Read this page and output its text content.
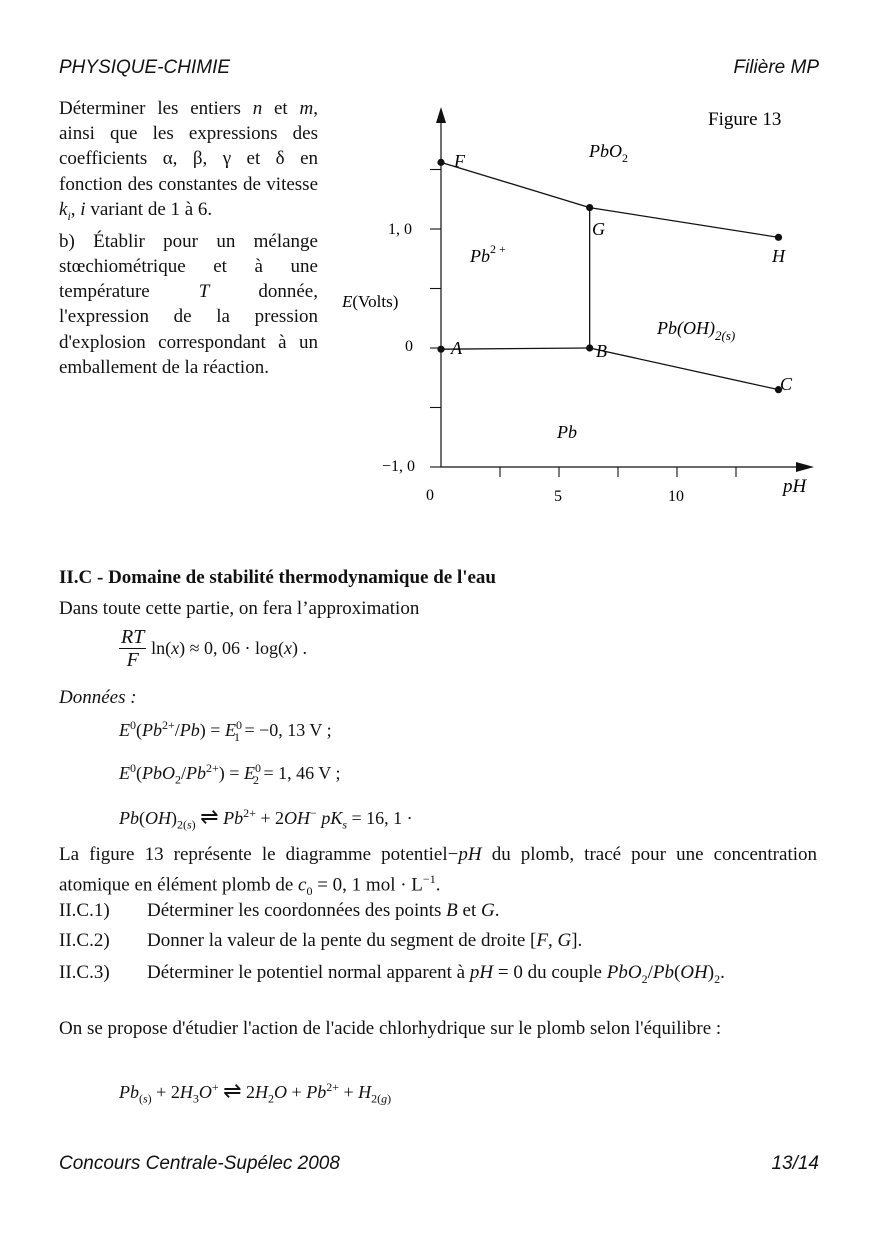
PHYSIQUE-CHIMIE	Filière MP

Déterminer les entiers n et m, ainsi que les expressions des coefficients α, β, γ et δ en fonction des constantes de vitesse $k_i$, i variant de 1 à 6.

b) Établir pour un mélange stœchiométrique et à une température T donnée, l'expression de la pression d'explosion correspondant à un emballement de la réaction.

Figure 13
E(Volts)
pH
1, 0
0
−1, 0
0	5	10
F
G
H
A	B
C
PbO$_2$
$Pb^{2 +}$
$Pb(OH)_{2(s)}$
Pb
II.C - Domaine de stabilité thermodynamique de l'eau
Dans toute cette partie, on fera l’approximation
$\frac{RT}{F} \ln(x) \approx 0$, 06 · log(x) .
Données :
$E^0(Pb^{2+}/Pb) = E^0_1 = -0$, 13 V ;
$E^0(PbO_2/Pb^{2+}) = E^0_2 = 1$, 46 V ;
$Pb(OH)_{2(s)}$ ⇌ $Pb^{2+} + 2OH^-$ $pK_s = 16$, 1 ·
La figure 13 représente le diagramme potentiel−pH du plomb, tracé pour une concentration atomique en élément plomb de $c_0 = 0$, 1 mol · $L^{-1}$.
II.C.1) Déterminer les coordonnées des points B et G.
II.C.2) Donner la valeur de la pente du segment de droite [F, G].
II.C.3) Déterminer le potentiel normal apparent à pH = 0 du couple $PbO_2/Pb(OH)_2$.
On se propose d'étudier l'action de l'acide chlorhydrique sur le plomb selon l'équilibre :
$Pb_{(s)} + 2H_3O^+$ ⇌ $2H_2O + Pb^{2+} + H_{2(g)}$
Concours Centrale-Supélec 2008	13/14
